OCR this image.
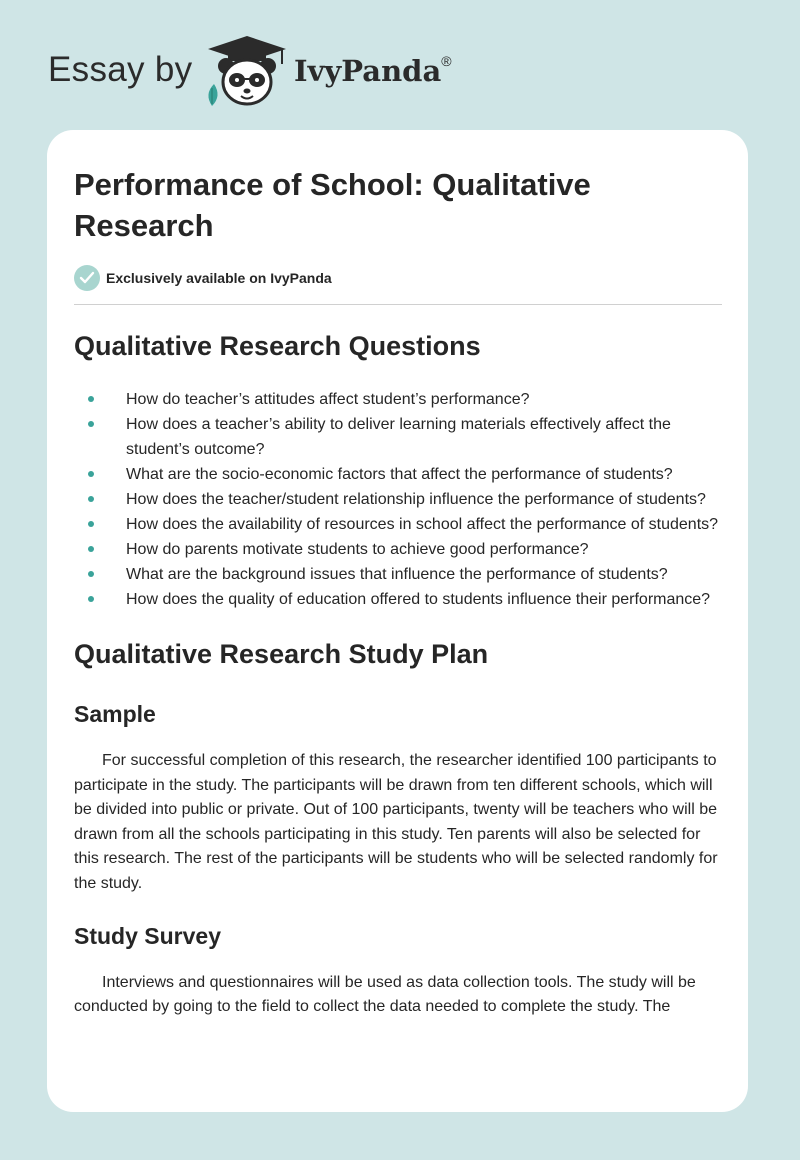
Essay by	IvyPanda®
Performance of School: Qualitative Research
Exclusively available on IvyPanda
Qualitative Research Questions
How do teacher’s attitudes affect student’s performance?
How does a teacher’s ability to deliver learning materials effectively affect the student’s outcome?
What are the socio-economic factors that affect the performance of students?
How does the teacher/student relationship influence the performance of students?
How does the availability of resources in school affect the performance of students?
How do parents motivate students to achieve good performance?
What are the background issues that influence the performance of students?
How does the quality of education offered to students influence their performance?
Qualitative Research Study Plan
Sample

For successful completion of this research, the researcher identified 100 participants to participate in the study. The participants will be drawn from ten different schools, which will be divided into public or private. Out of 100 participants, twenty will be teachers who will be drawn from all the schools participating in this study. Ten parents will also be selected for this research. The rest of the participants will be students who will be selected randomly for the study.

Study Survey

Interviews and questionnaires will be used as data collection tools. The study will be conducted by going to the field to collect the data needed to complete the study. The
